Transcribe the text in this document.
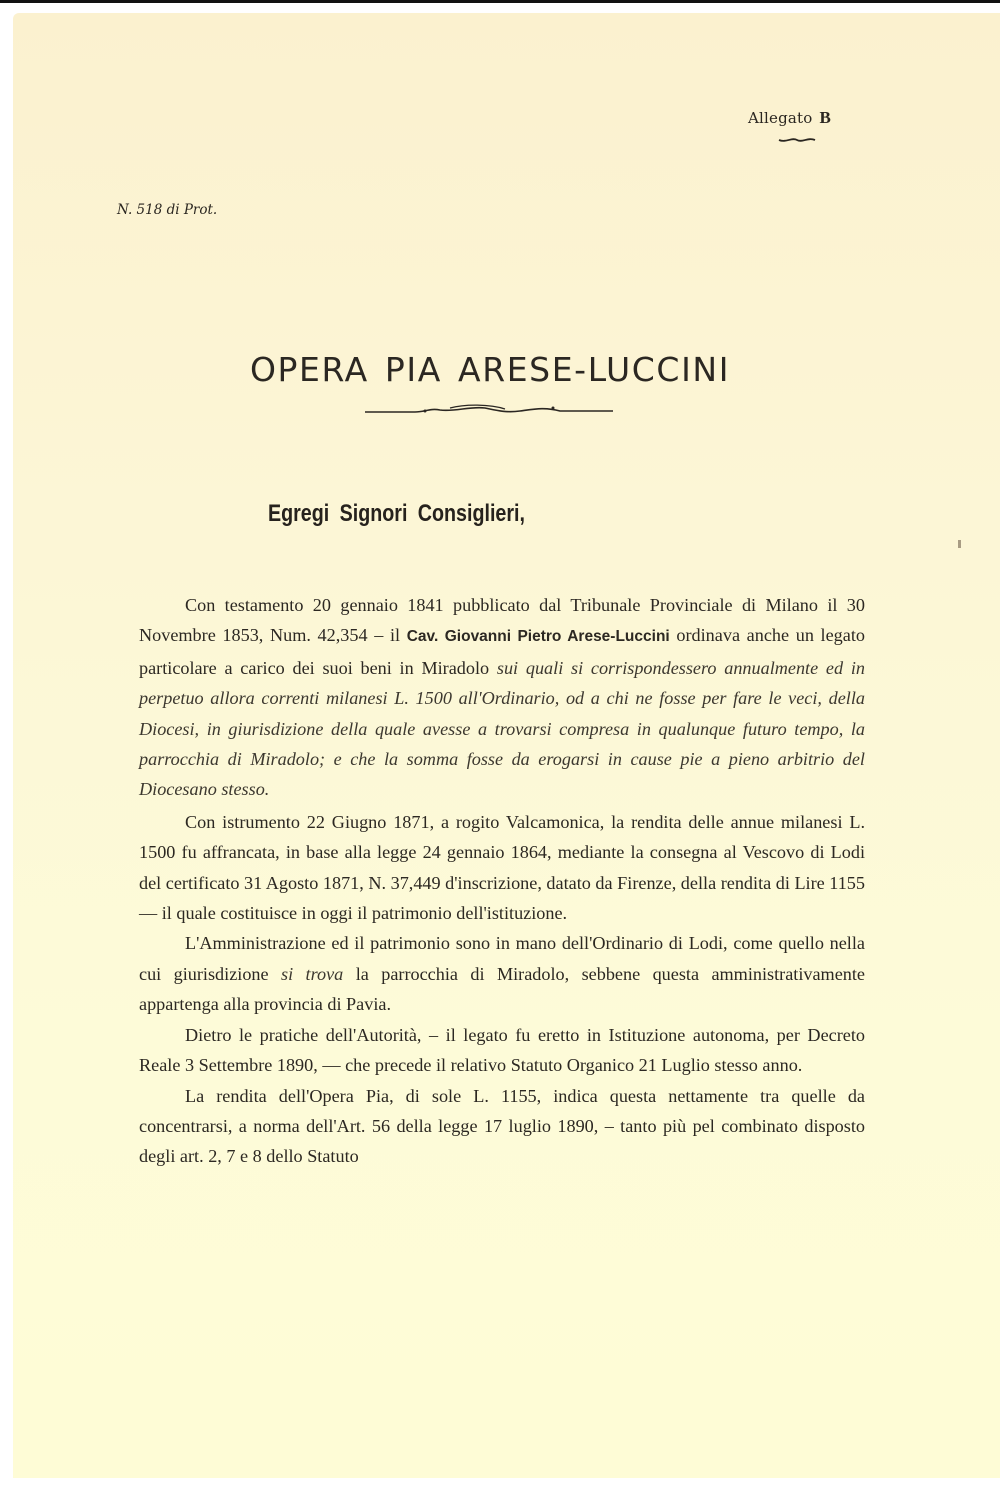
Allegato B
N. 518 di Prot.
OPERA PIA ARESE-LUCCINI
Egregi Signori Consiglieri,

Con testamento 20 gennaio 1841 pubblicato dal Tribunale Provinciale di Milano il 30 Novembre 1853, Num. 42,354 – il Cav. Giovanni Pietro Arese-Luccini ordinava anche un legato particolare a carico dei suoi beni in Miradolo sui quali si corrispondessero annualmente ed in perpetuo allora correnti milanesi L. 1500 all'Ordinario, od a chi ne fosse per fare le veci, della Diocesi, in giurisdizione della quale avesse a trovarsi compresa in qualunque futuro tempo, la parrocchia di Miradolo; e che la somma fosse da erogarsi in cause pie a pieno arbitrio del Diocesano stesso.

Con istrumento 22 Giugno 1871, a rogito Valcamonica, la rendita delle annue milanesi L. 1500 fu affrancata, in base alla legge 24 gennaio 1864, mediante la consegna al Vescovo di Lodi del certificato 31 Agosto 1871, N. 37,449 d'inscrizione, datato da Firenze, della rendita di Lire 1155 — il quale costituisce in oggi il patrimonio dell'istituzione.

L'Amministrazione ed il patrimonio sono in mano dell'Ordinario di Lodi, come quello nella cui giurisdizione si trova la parrocchia di Miradolo, sebbene questa amministrativamente appartenga alla provincia di Pavia.

Dietro le pratiche dell'Autorità, – il legato fu eretto in Istituzione autonoma, per Decreto Reale 3 Settembre 1890, — che precede il relativo Statuto Organico 21 Luglio stesso anno.

La rendita dell'Opera Pia, di sole L. 1155, indica questa nettamente tra quelle da concentrarsi, a norma dell'Art. 56 della legge 17 luglio 1890, – tanto più pel combinato disposto degli art. 2, 7 e 8 dello Statuto
